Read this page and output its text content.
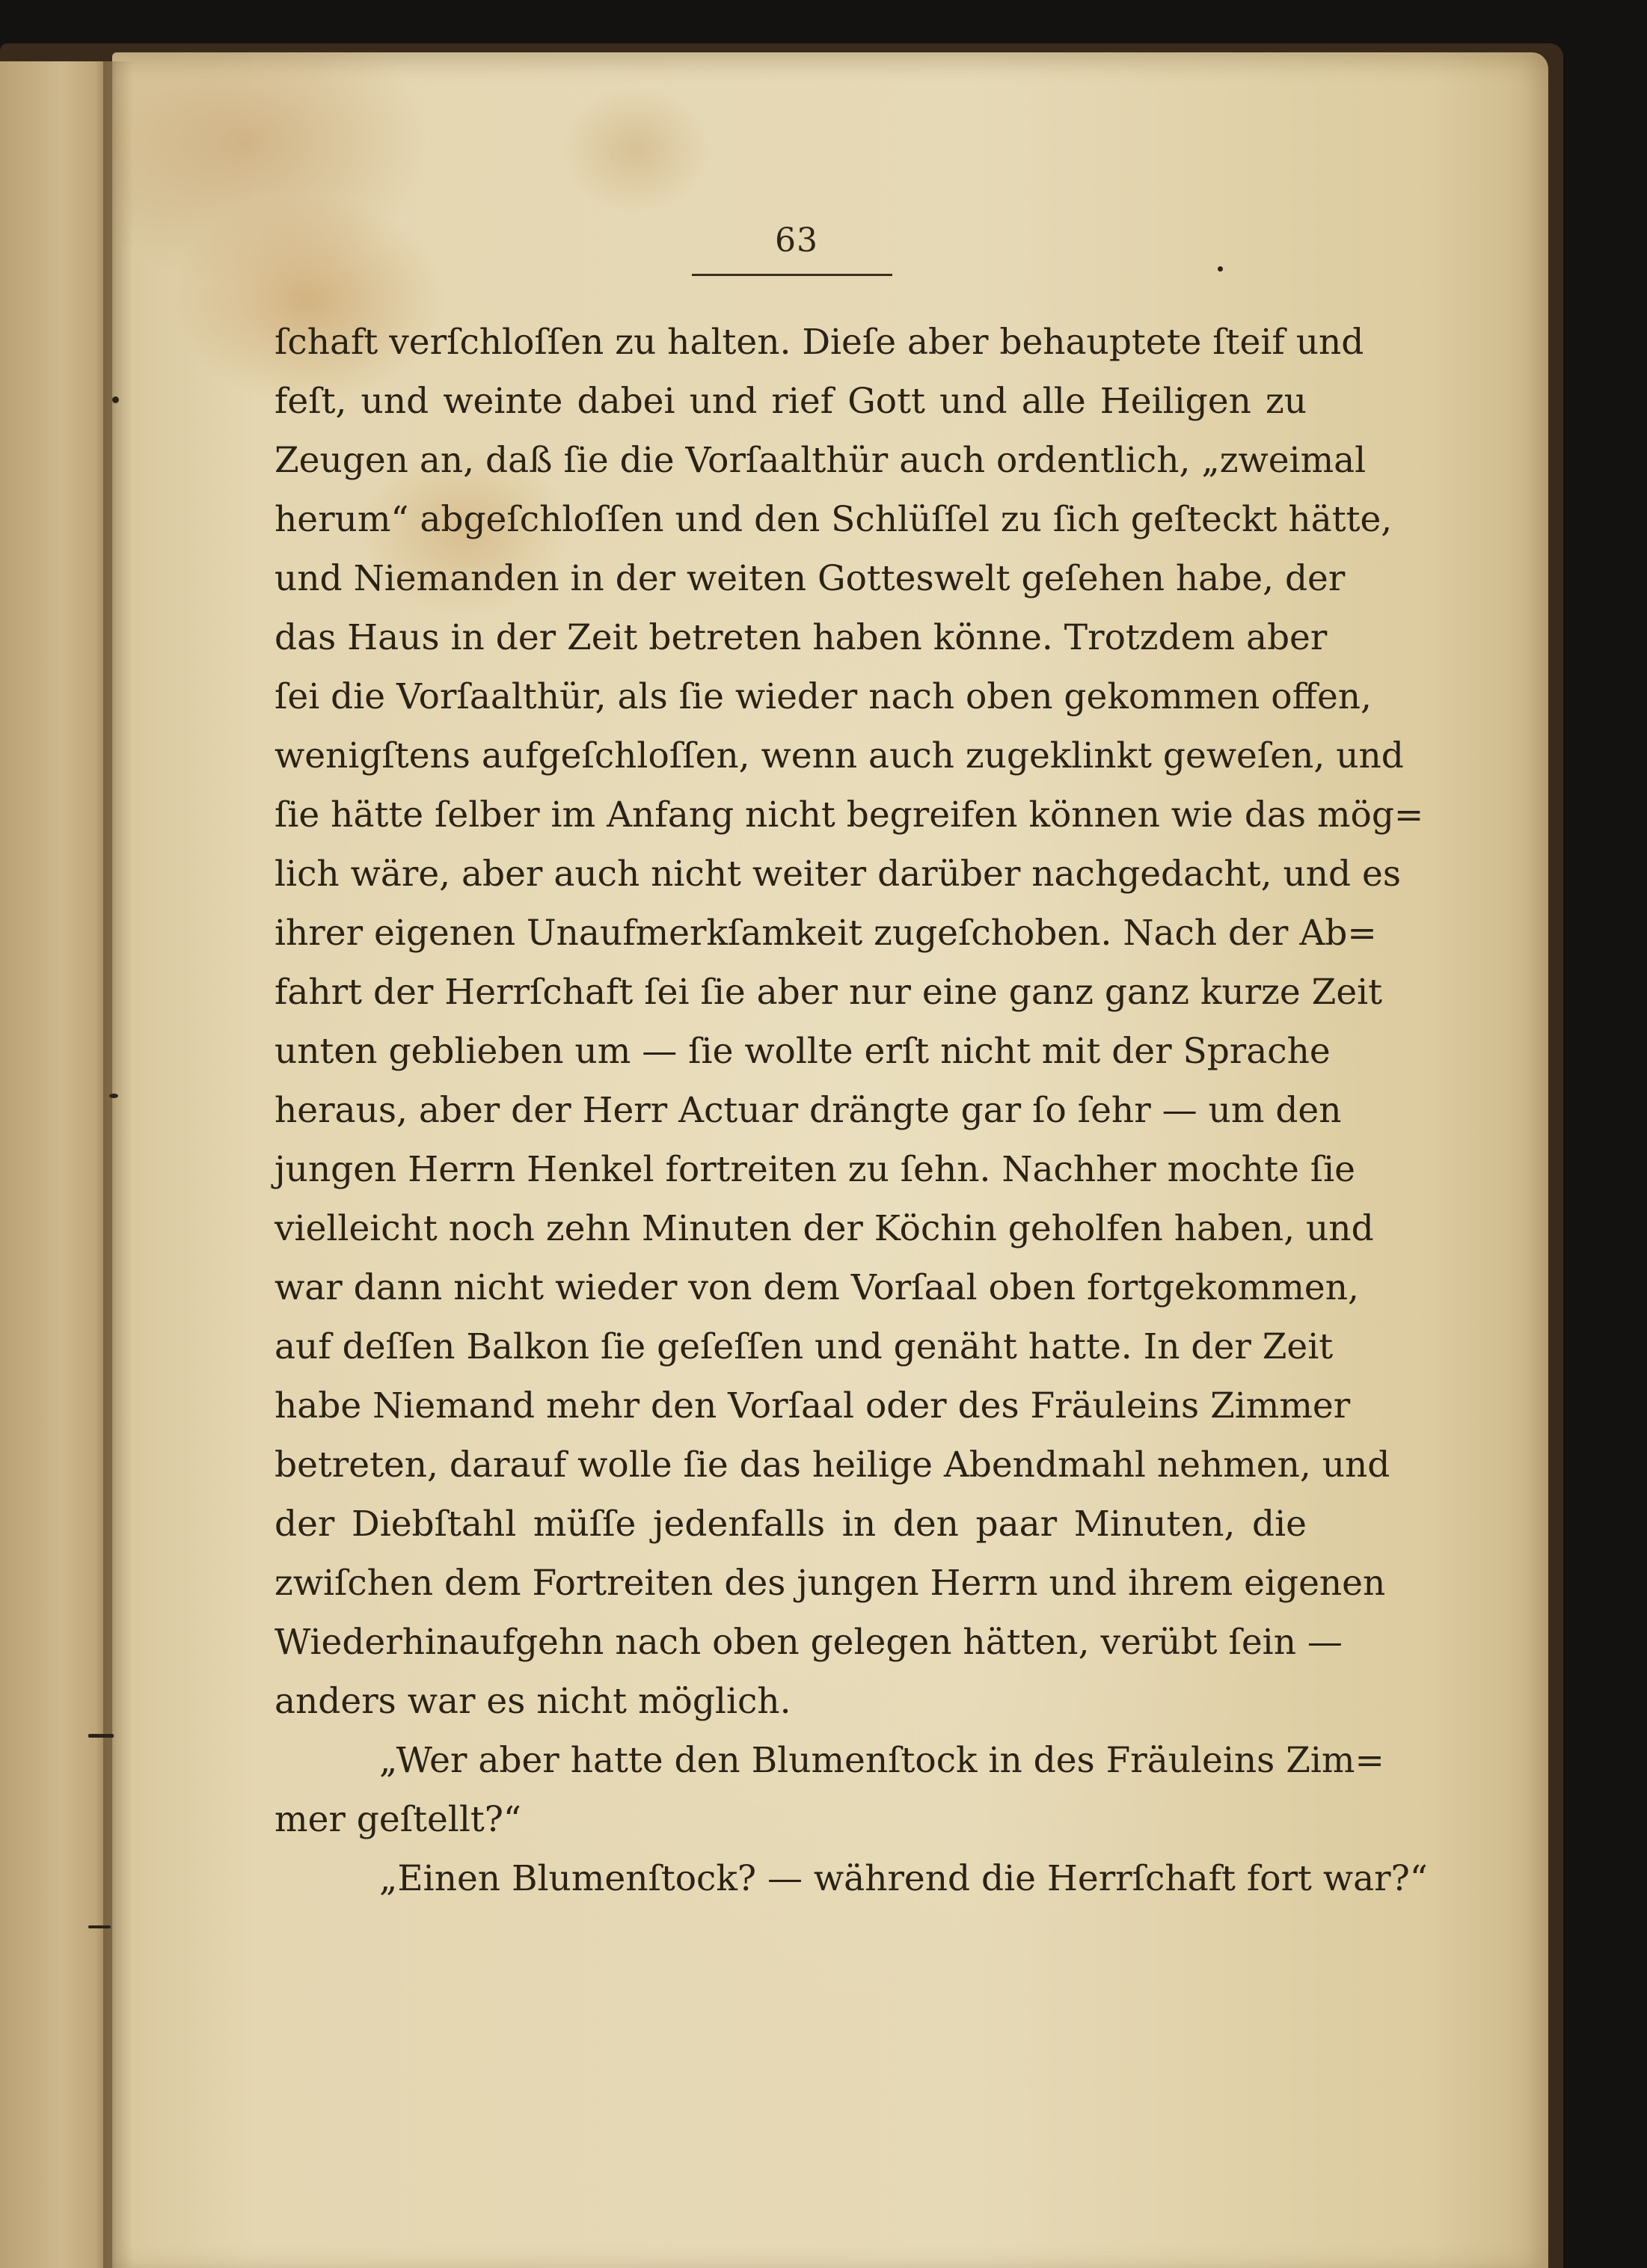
63
ſchaft verſchloſſen zu halten. Dieſe aber behauptete ſteif und
feſt, und weinte dabei und rief Gott und alle Heiligen zu
Zeugen an, daß ſie die Vorſaalthür auch ordentlich, „zweimal
herum“ abgeſchloſſen und den Schlüſſel zu ſich geſteckt hätte,
und Niemanden in der weiten Gotteswelt geſehen habe, der
das Haus in der Zeit betreten haben könne. Trotzdem aber
ſei die Vorſaalthür, als ſie wieder nach oben gekommen offen,
wenigſtens aufgeſchloſſen, wenn auch zugeklinkt geweſen, und
ſie hätte ſelber im Anfang nicht begreifen können wie das mög=
lich wäre, aber auch nicht weiter darüber nachgedacht, und es
ihrer eigenen Unaufmerkſamkeit zugeſchoben. Nach der Ab=
fahrt der Herrſchaft ſei ſie aber nur eine ganz ganz kurze Zeit
unten geblieben um — ſie wollte erſt nicht mit der Sprache
heraus, aber der Herr Actuar drängte gar ſo ſehr — um den
jungen Herrn Henkel fortreiten zu ſehn. Nachher mochte ſie
vielleicht noch zehn Minuten der Köchin geholfen haben, und
war dann nicht wieder von dem Vorſaal oben fortgekommen,
auf deſſen Balkon ſie geſeſſen und genäht hatte. In der Zeit
habe Niemand mehr den Vorſaal oder des Fräuleins Zimmer
betreten, darauf wolle ſie das heilige Abendmahl nehmen, und
der Diebſtahl müſſe jedenfalls in den paar Minuten, die
zwiſchen dem Fortreiten des jungen Herrn und ihrem eigenen
Wiederhinaufgehn nach oben gelegen hätten, verübt ſein —
anders war es nicht möglich.
„Wer aber hatte den Blumenſtock in des Fräuleins Zim=
mer geſtellt?“
„Einen Blumenſtock? — während die Herrſchaft fort war?“
